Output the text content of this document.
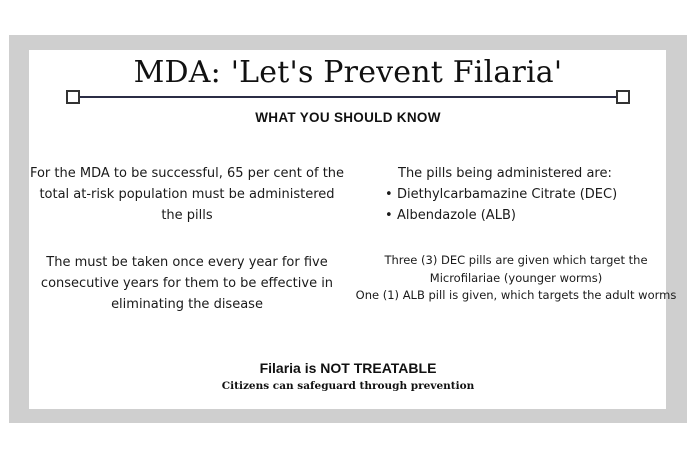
MDA: 'Let's Prevent Filaria'
WHAT YOU SHOULD KNOW
For the MDA to be successful, 65 per cent of the total at-risk population must be administered the pills
The must be taken once every year for five consecutive years for them to be effective in eliminating the disease
The pills being administered are:
• Diethylcarbamazine Citrate (DEC)
• Albendazole (ALB)
Three (3) DEC pills are given which target the Microfilariae (younger worms)
One (1) ALB pill is given, which targets the adult worms
Filaria is NOT TREATABLE
Citizens can safeguard through prevention
